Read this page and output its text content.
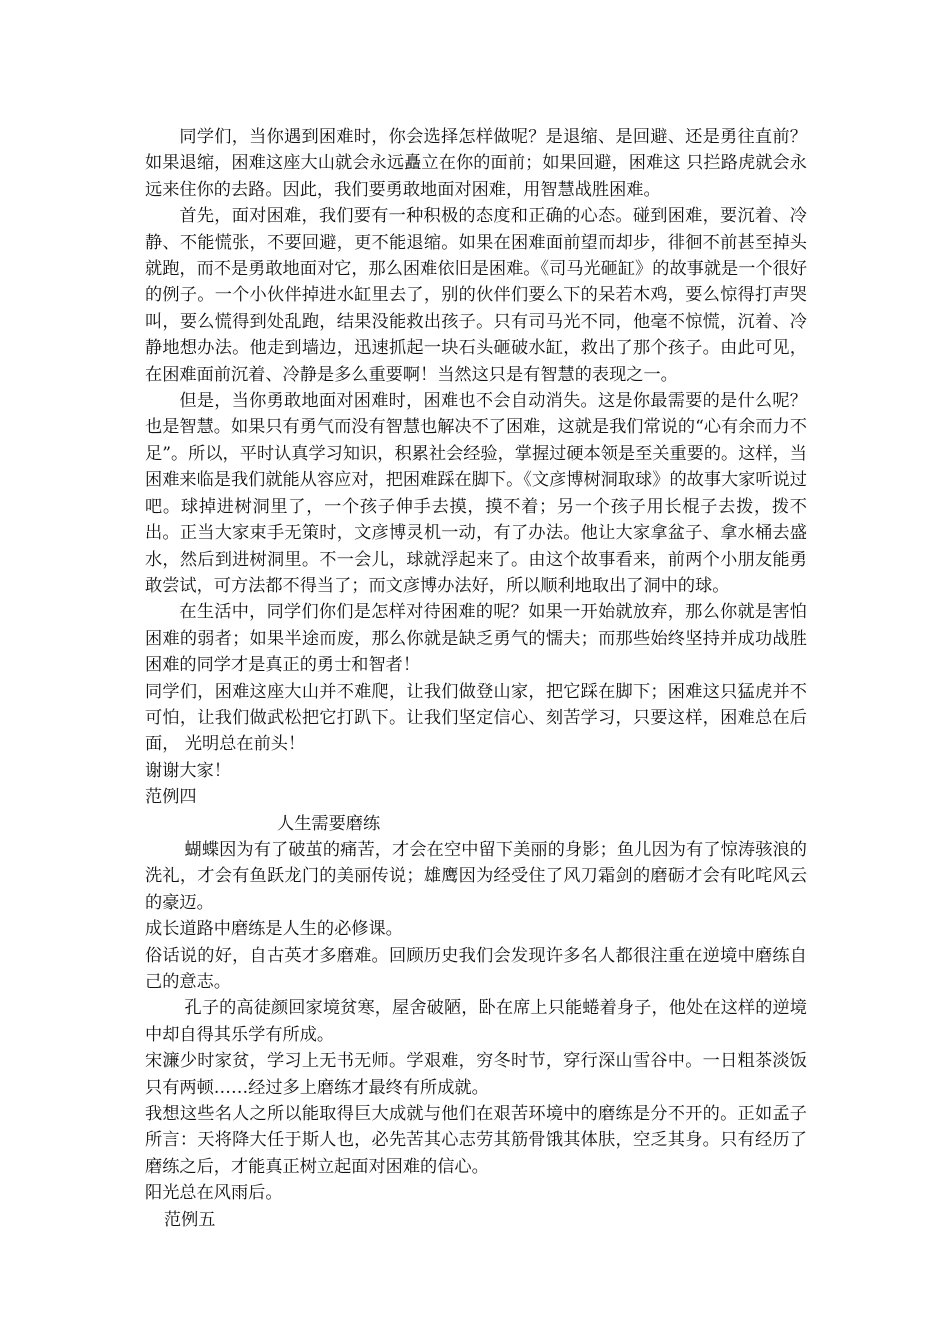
同学们，当你遇到困难时，你会选择怎样做呢？是退缩、是回避、还是勇往直前？如果退缩，困难这座大山就会永远矗立在你的面前；如果回避，困难这 只拦路虎就会永远来住你的去路。因此，我们要勇敢地面对困难，用智慧战胜困难。

首先，面对困难，我们要有一种积极的态度和正确的心态。碰到困难，要沉着、冷静、不能慌张，不要回避，更不能退缩。如果在困难面前望而却步，徘徊不前甚至掉头就跑，而不是勇敢地面对它，那么困难依旧是困难。《司马光砸缸》的故事就是一个很好的例子。一个小伙伴掉进水缸里去了，别的伙伴们要么下的呆若木鸡，要么惊得打声哭叫，要么慌得到处乱跑，结果没能救出孩子。只有司马光不同，他毫不惊慌，沉着、冷静地想办法。他走到墙边，迅速抓起一块石头砸破水缸，救出了那个孩子。由此可见，在困难面前沉着、冷静是多么重要啊！当然这只是有智慧的表现之一。

但是，当你勇敢地面对困难时，困难也不会自动消失。这是你最需要的是什么呢？也是智慧。如果只有勇气而没有智慧也解决不了困难，这就是我们常说的“心有余而力不足”。所以，平时认真学习知识，积累社会经验，掌握过硬本领是至关重要的。这样，当困难来临是我们就能从容应对，把困难踩在脚下。《文彦博树洞取球》的故事大家听说过吧。球掉进树洞里了，一个孩子伸手去摸，摸不着；另一个孩子用长棍子去拨，拨不出。正当大家束手无策时，文彦博灵机一动，有了办法。他让大家拿盆子、拿水桶去盛水，然后到进树洞里。不一会儿，球就浮起来了。由这个故事看来，前两个小朋友能勇敢尝试，可方法都不得当了；而文彦博办法好，所以顺利地取出了洞中的球。

在生活中，同学们你们是怎样对待困难的呢？如果一开始就放弃，那么你就是害怕困难的弱者；如果半途而废，那么你就是缺乏勇气的懦夫；而那些始终坚持并成功战胜困难的同学才是真正的勇士和智者！

同学们，困难这座大山并不难爬，让我们做登山家，把它踩在脚下；困难这只猛虎并不可怕，让我们做武松把它打趴下。让我们坚定信心、刻苦学习，只要这样，困难总在后面， 光明总在前头！

谢谢大家！

范例四

人生需要磨练

蝴蝶因为有了破茧的痛苦，才会在空中留下美丽的身影；鱼儿因为有了惊涛骇浪的洗礼，才会有鱼跃龙门的美丽传说；雄鹰因为经受住了风刀霜剑的磨砺才会有叱咤风云的豪迈。

成长道路中磨练是人生的必修课。

俗话说的好，自古英才多磨难。回顾历史我们会发现许多名人都很注重在逆境中磨练自己的意志。

孔子的高徒颜回家境贫寒，屋舍破陋，卧在席上只能蜷着身子，他处在这样的逆境中却自得其乐学有所成。

宋濂少时家贫，学习上无书无师。学艰难，穷冬时节，穿行深山雪谷中。一日粗茶淡饭只有两顿……经过多上磨练才最终有所成就。

我想这些名人之所以能取得巨大成就与他们在艰苦环境中的磨练是分不开的。正如孟子所言：天将降大任于斯人也，必先苦其心志劳其筋骨饿其体肤，空乏其身。只有经历了磨练之后，才能真正树立起面对困难的信心。

阳光总在风雨后。

范例五
